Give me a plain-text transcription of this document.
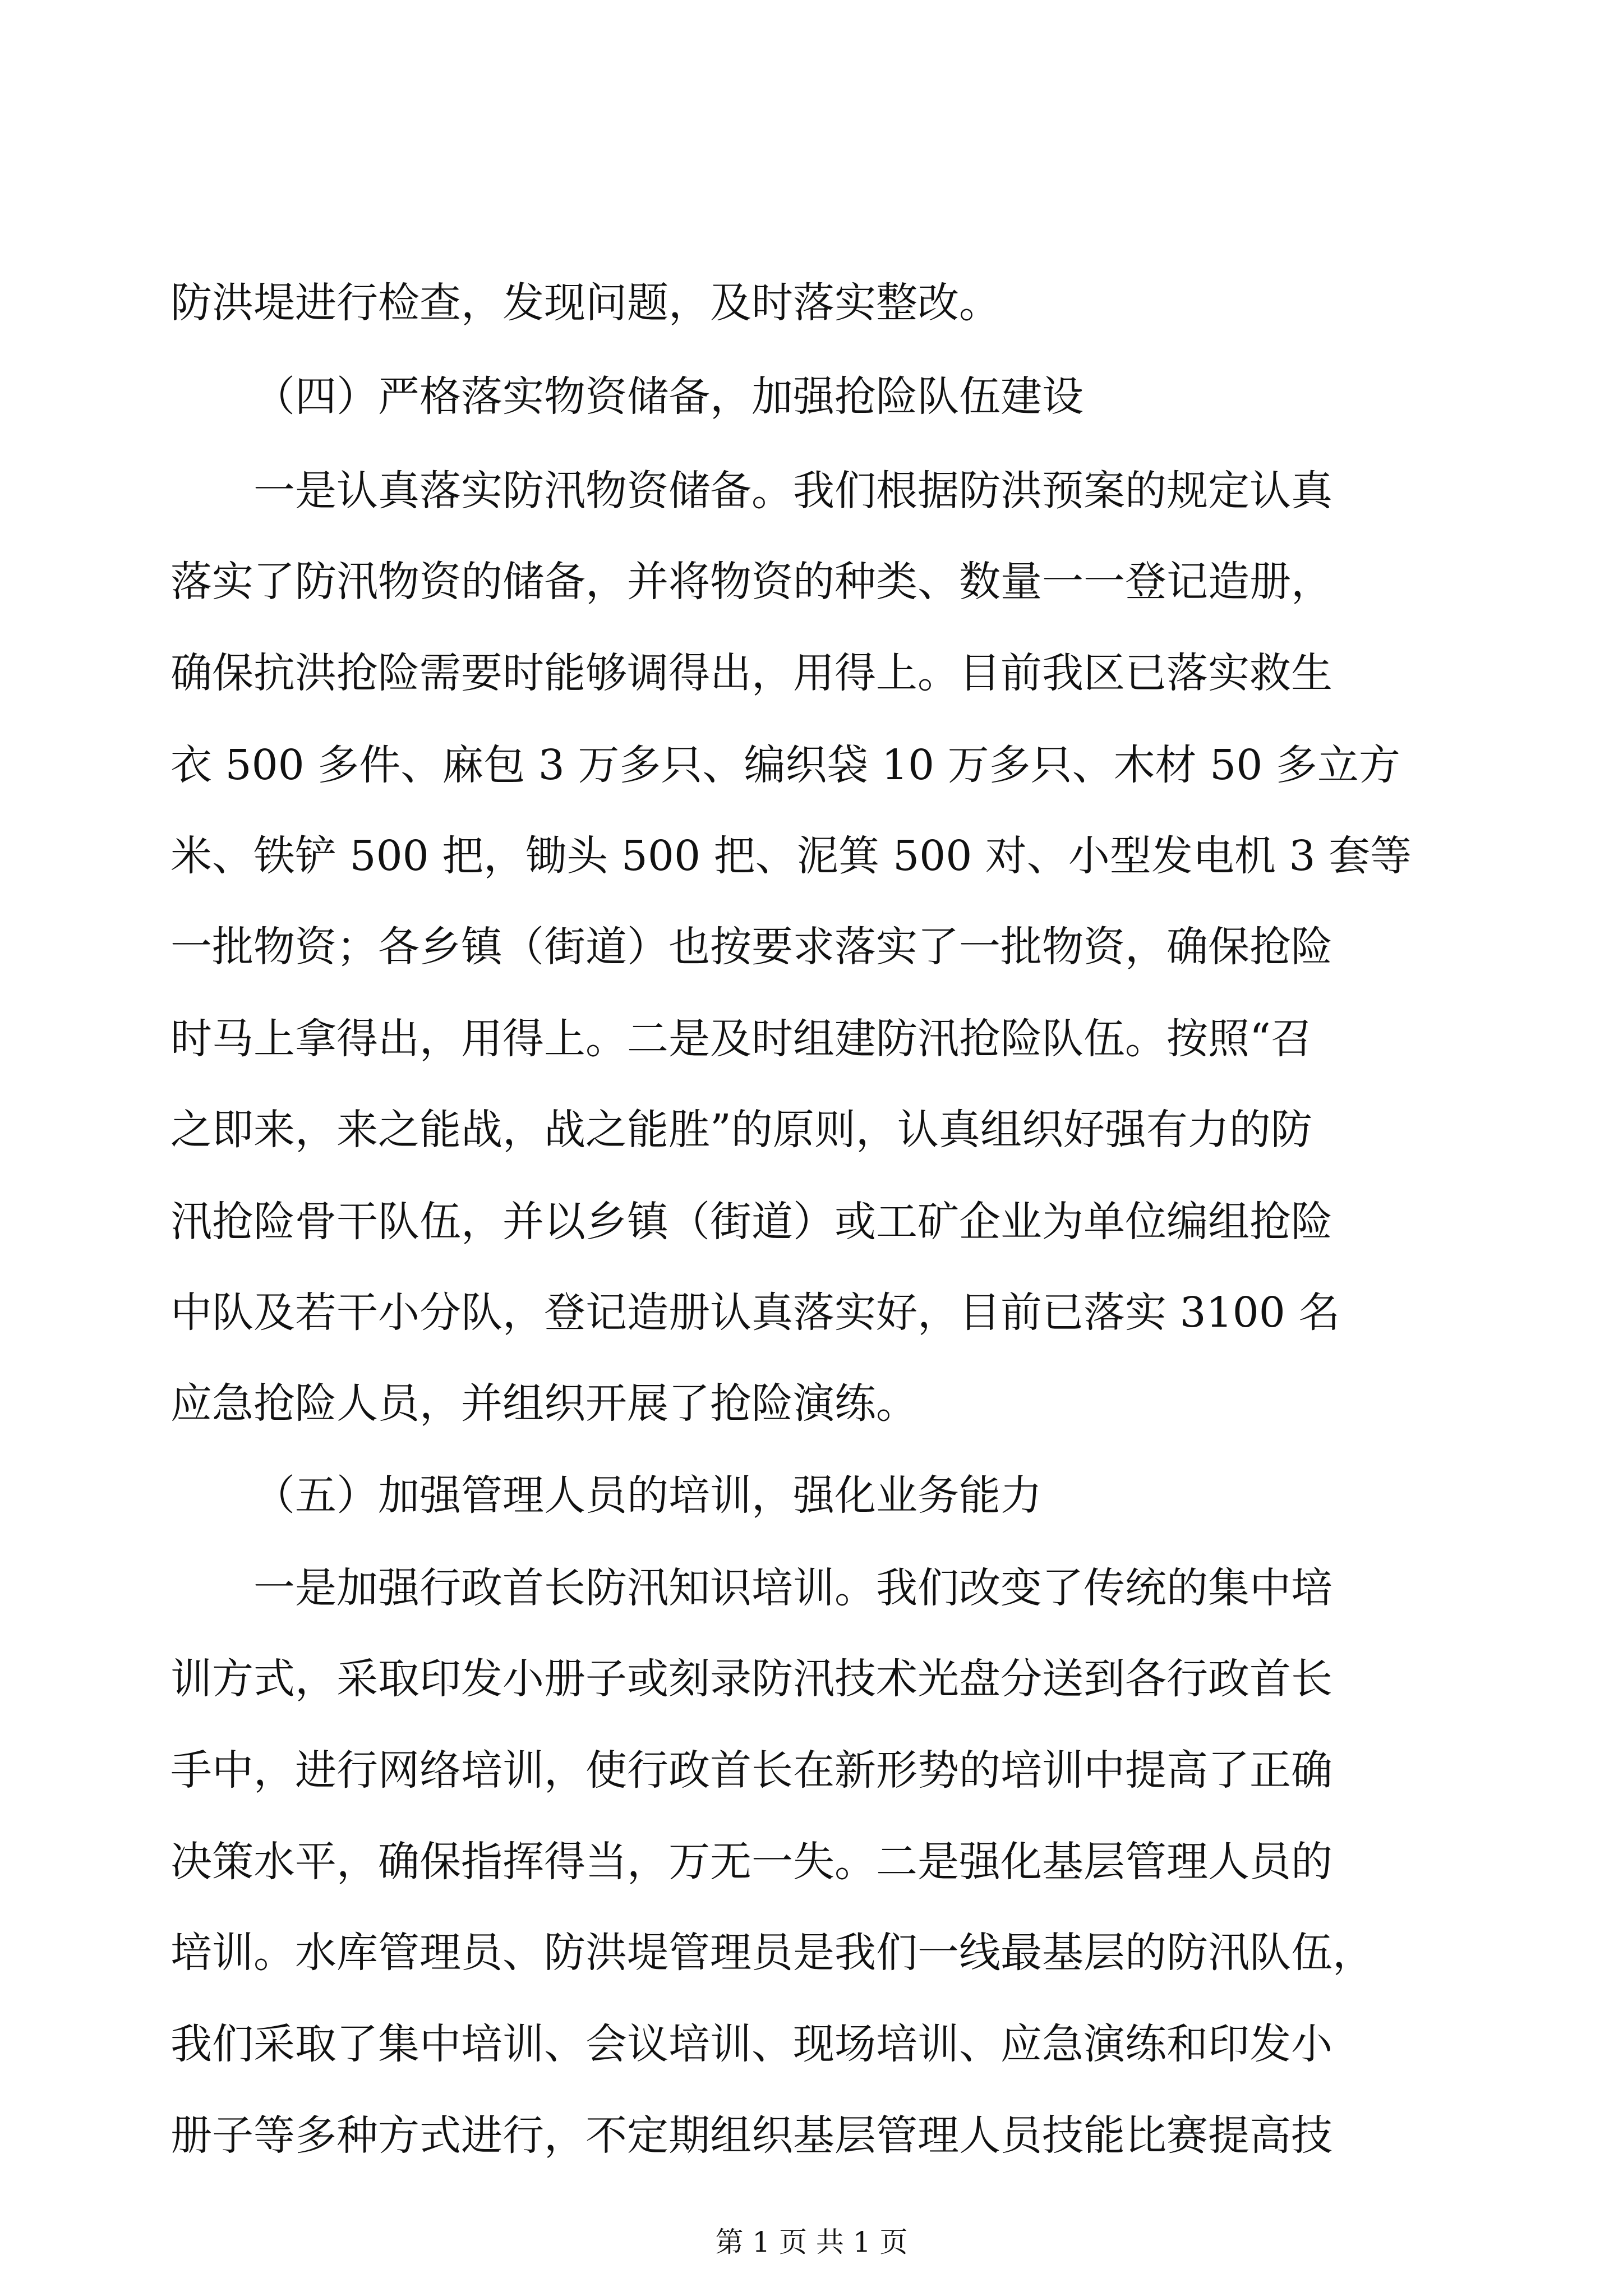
防洪堤进行检查，发现问题，及时落实整改。
（四）严格落实物资储备，加强抢险队伍建设
一是认真落实防汛物资储备。我们根据防洪预案的规定认真
落实了防汛物资的储备，并将物资的种类、数量一一登记造册，
确保抗洪抢险需要时能够调得出，用得上。目前我区已落实救生
衣 500 多件、麻包 3 万多只、编织袋 10 万多只、木材 50 多立方
米、铁铲 500 把，锄头 500 把、泥箕 500 对、小型发电机 3 套等
一批物资；各乡镇（街道）也按要求落实了一批物资，确保抢险
时马上拿得出，用得上。二是及时组建防汛抢险队伍。按照“召
之即来，来之能战，战之能胜”的原则，认真组织好强有力的防
汛抢险骨干队伍，并以乡镇（街道）或工矿企业为单位编组抢险
中队及若干小分队，登记造册认真落实好，目前已落实 3100 名
应急抢险人员，并组织开展了抢险演练。
（五）加强管理人员的培训，强化业务能力
一是加强行政首长防汛知识培训。我们改变了传统的集中培
训方式，采取印发小册子或刻录防汛技术光盘分送到各行政首长
手中，进行网络培训，使行政首长在新形势的培训中提高了正确
决策水平，确保指挥得当，万无一失。二是强化基层管理人员的
培训。水库管理员、防洪堤管理员是我们一线最基层的防汛队伍，
我们采取了集中培训、会议培训、现场培训、应急演练和印发小
册子等多种方式进行，不定期组织基层管理人员技能比赛提高技
第 1 页 共 1 页
